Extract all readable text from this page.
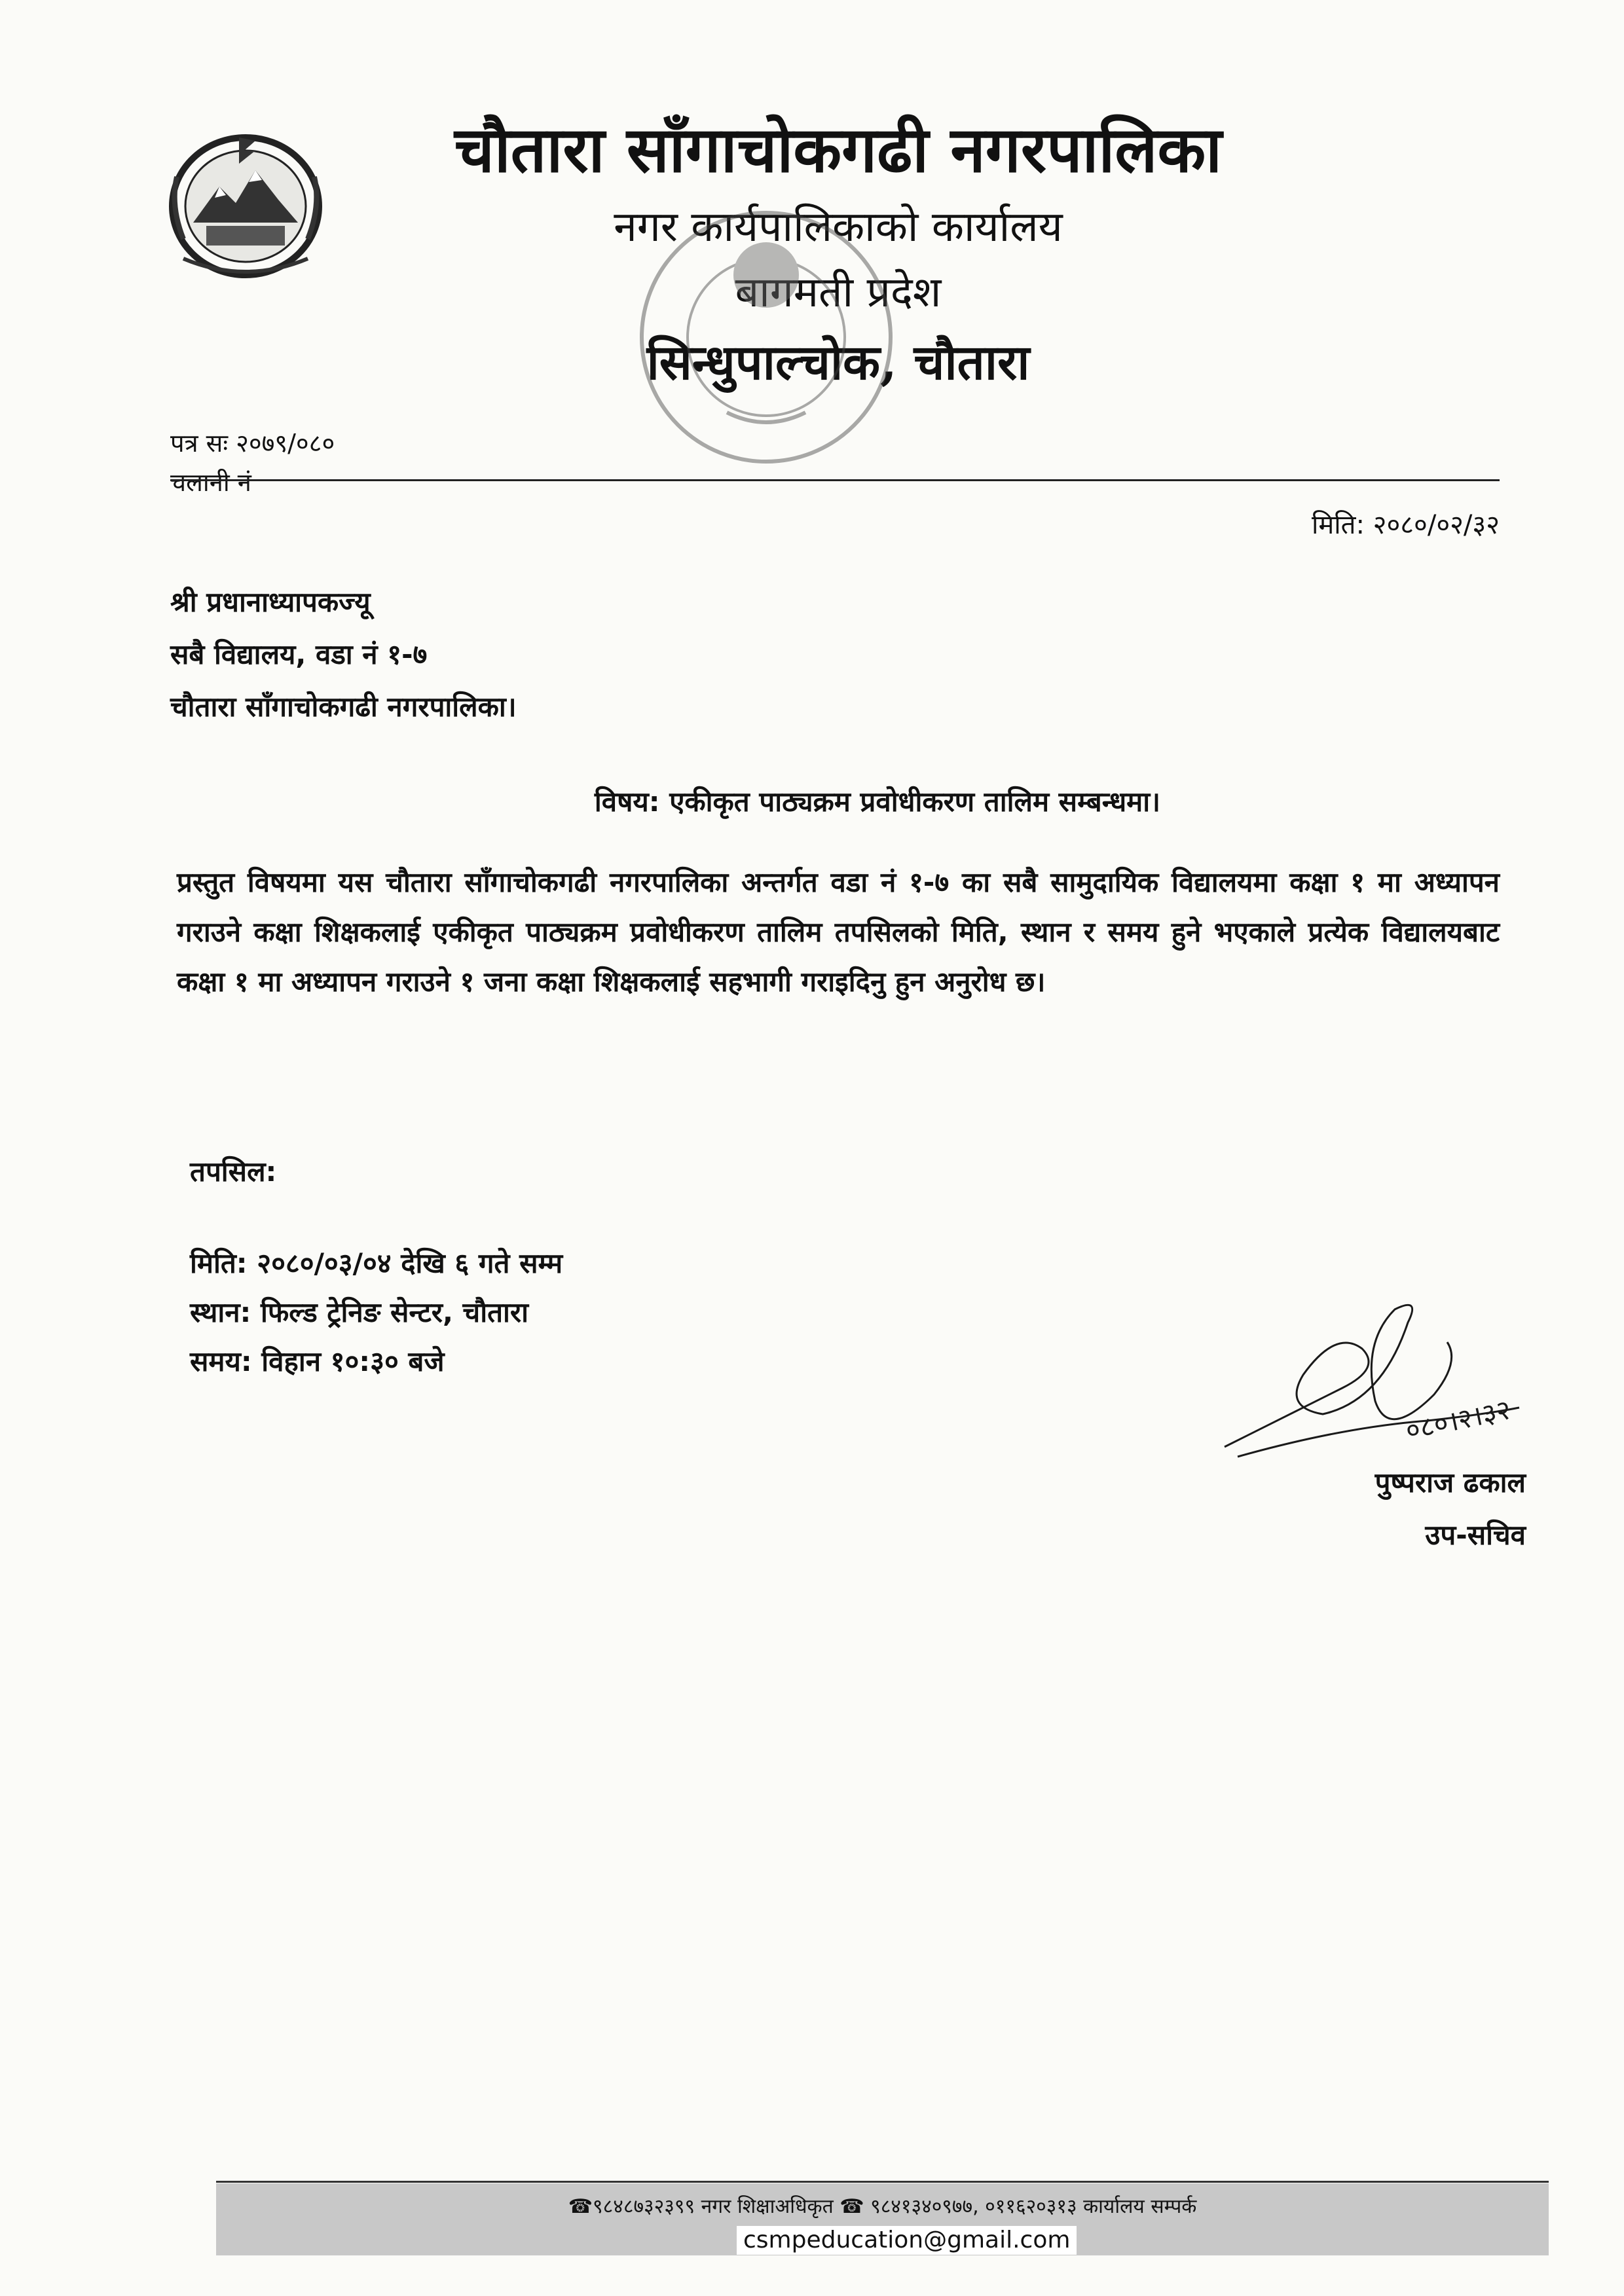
चौतारा साँगाचोकगढी नगरपालिका
नगर कार्यपालिकाको कार्यालय
बागमती प्रदेश
सिन्धुपाल्चोक, चौतारा
पत्र सः २०७९/०८०
चलानी नं
मिति: २०८०/०२/३२
श्री प्रधानाध्यापकज्यू
सबै विद्यालय, वडा नं १-७
चौतारा साँगाचोकगढी नगरपालिका।
विषय: एकीकृत पाठ्यक्रम प्रवोधीकरण तालिम सम्बन्धमा।
प्रस्तुत विषयमा यस चौतारा साँगाचोकगढी नगरपालिका अन्तर्गत वडा नं १-७ का सबै सामुदायिक विद्यालयमा कक्षा १ मा अध्यापन गराउने कक्षा शिक्षकलाई एकीकृत पाठ्यक्रम प्रवोधीकरण तालिम तपसिलको मिति, स्थान र समय हुने भएकाले प्रत्येक विद्यालयबाट कक्षा १ मा अध्यापन गराउने १ जना कक्षा शिक्षकलाई सहभागी गराइदिनु हुन अनुरोध छ।
तपसिल:
मिति: २०८०/०३/०४ देखि ६ गते सम्म
स्थान: फिल्ड ट्रेनिङ सेन्टर, चौतारा
समय: विहान १०:३० बजे
०८०।२।३२
पुष्पराज ढकाल
उप-सचिव
☎९८४८७३२३९९ नगर शिक्षाअधिकृत ☎ ९८४१३४०९७७, ०११६२०३१३ कार्यालय सम्पर्क
csmpeducation@gmail.com
